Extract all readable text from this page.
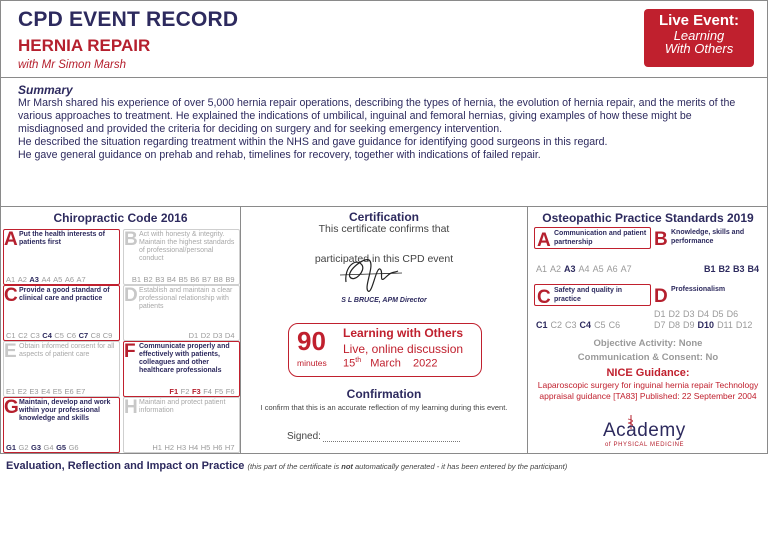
CPD EVENT RECORD
HERNIA REPAIR
with Mr Simon Marsh
Live Event:
Learning
With Others
Summary

Mr Marsh shared his experience of over 5,000 hernia repair operations, describing the types of hernia, the evolution of hernia repair, and the merits of the various approaches to treatment. He explained the indications of umbilical, inguinal and femoral hernias, giving examples of how these might be misdiagnosed and provided the criteria for deciding on surgery and for seeking emergency intervention.

He described the situation regarding treatment within the NHS and gave guidance for identifying good surgeons in this regard.

He gave general guidance on prehab and rehab, timelines for recovery, together with indications of failed repair.

Chiropractic Code 2016
A Put the health interests of patients first
A1 A2 A3 A4 A5 A6 A7
B Act with honesty & integrity. Maintain the highest standards of professional/personal conduct
B1 B2 B3 B4 B5 B6 B7 B8 B9
C Provide a good standard of clinical care and practice
C1 C2 C3 C4 C5 C6 C7 C8 C9
D Establish and maintain a clear professional relationship with patients
D1 D2 D3 D4
E Obtain informed consent for all aspects of patient care
E1 E2 E3 E4 E5 E6 E7
F Communicate properly and effectively with patients, colleagues and other healthcare professionals
F1 F2 F3 F4 F5 F6
G Maintain, develop and work within your professional knowledge and skills
G1 G2 G3 G4 G5 G6
H Maintain and protect patient information
H1 H2 H3 H4 H5 H6 H7
Certification
This certificate confirms that
participated in this CPD event
S L BRUCE, APM Director
90
minutes
Learning with Others
Live, online discussion
15th   March    2022
Confirmation
I confirm that this is an accurate reflection of my learning during this event.
Signed:
Osteopathic Practice Standards 2019
A Communication and patient partnership
A1 A2 A3 A4 A5 A6 A7
B Knowledge, skills and performance
B1 B2 B3 B4
C Safety and quality in practice
C1 C2 C3 C4 C5 C6
D Professionalism
D1 D2 D3 D4 D5 D6
D7 D8 D9 D10 D11 D12
Objective Activity: None
Communication & Consent: No
NICE Guidance:
Laparoscopic surgery for inguinal hernia repair Technology appraisal guidance [TA83] Published: 22 September 2004
Academy
of PHYSICAL MEDICINE
Evaluation, Reflection and Impact on Practice (this part of the certificate is not automatically generated - it has been entered by the participant)
